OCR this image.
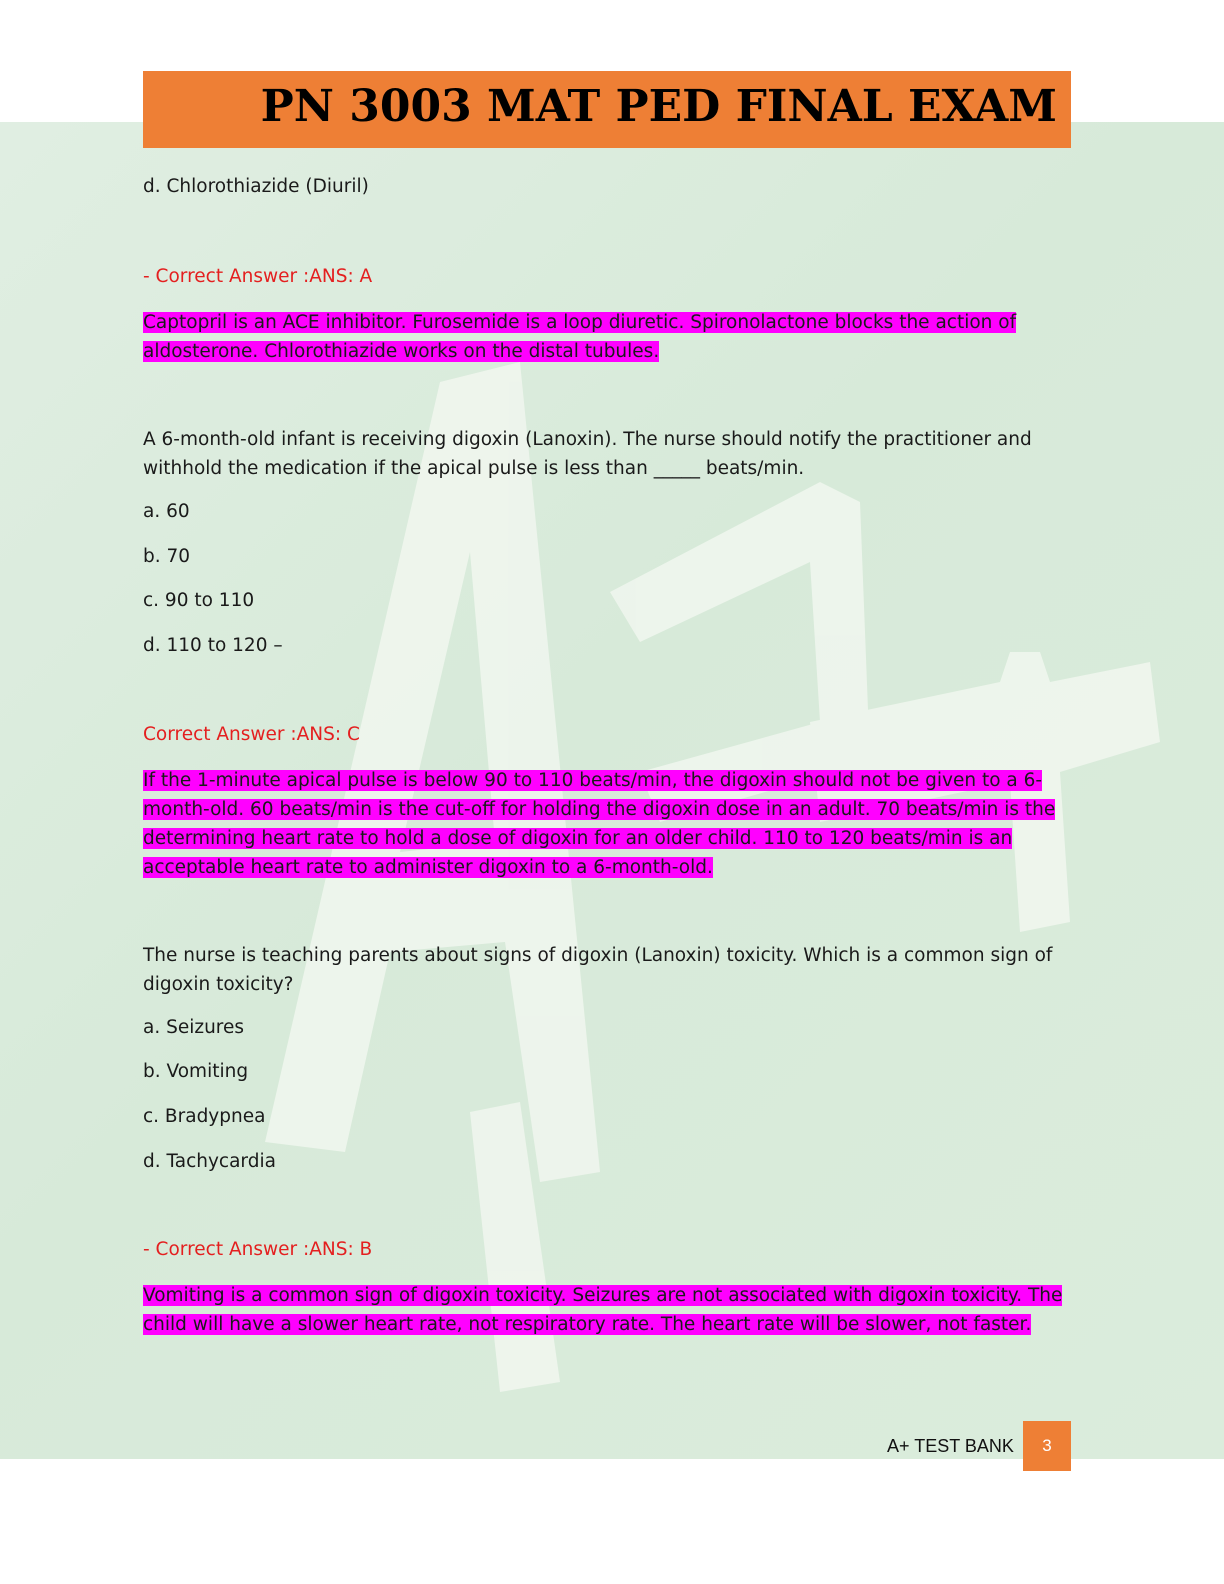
PN 3003 MAT PED FINAL EXAM
d. Chlorothiazide (Diuril)
- Correct Answer :ANS: A
Captopril is an ACE inhibitor. Furosemide is a loop diuretic. Spironolactone blocks the action of
aldosterone. Chlorothiazide works on the distal tubules.
A 6-month-old infant is receiving digoxin (Lanoxin). The nurse should notify the practitioner and
withhold the medication if the apical pulse is less than _____ beats/min.
a. 60
b. 70
c. 90 to 110
d. 110 to 120 –
Correct Answer :ANS: C
If the 1-minute apical pulse is below 90 to 110 beats/min, the digoxin should not be given to a 6-
month-old. 60 beats/min is the cut-off for holding the digoxin dose in an adult. 70 beats/min is the
determining heart rate to hold a dose of digoxin for an older child. 110 to 120 beats/min is an
acceptable heart rate to administer digoxin to a 6-month-old.
The nurse is teaching parents about signs of digoxin (Lanoxin) toxicity. Which is a common sign of
digoxin toxicity?
a. Seizures
b. Vomiting
c. Bradypnea
d. Tachycardia
- Correct Answer :ANS: B
Vomiting is a common sign of digoxin toxicity. Seizures are not associated with digoxin toxicity. The
child will have a slower heart rate, not respiratory rate. The heart rate will be slower, not faster.
A+ TEST BANK	3
